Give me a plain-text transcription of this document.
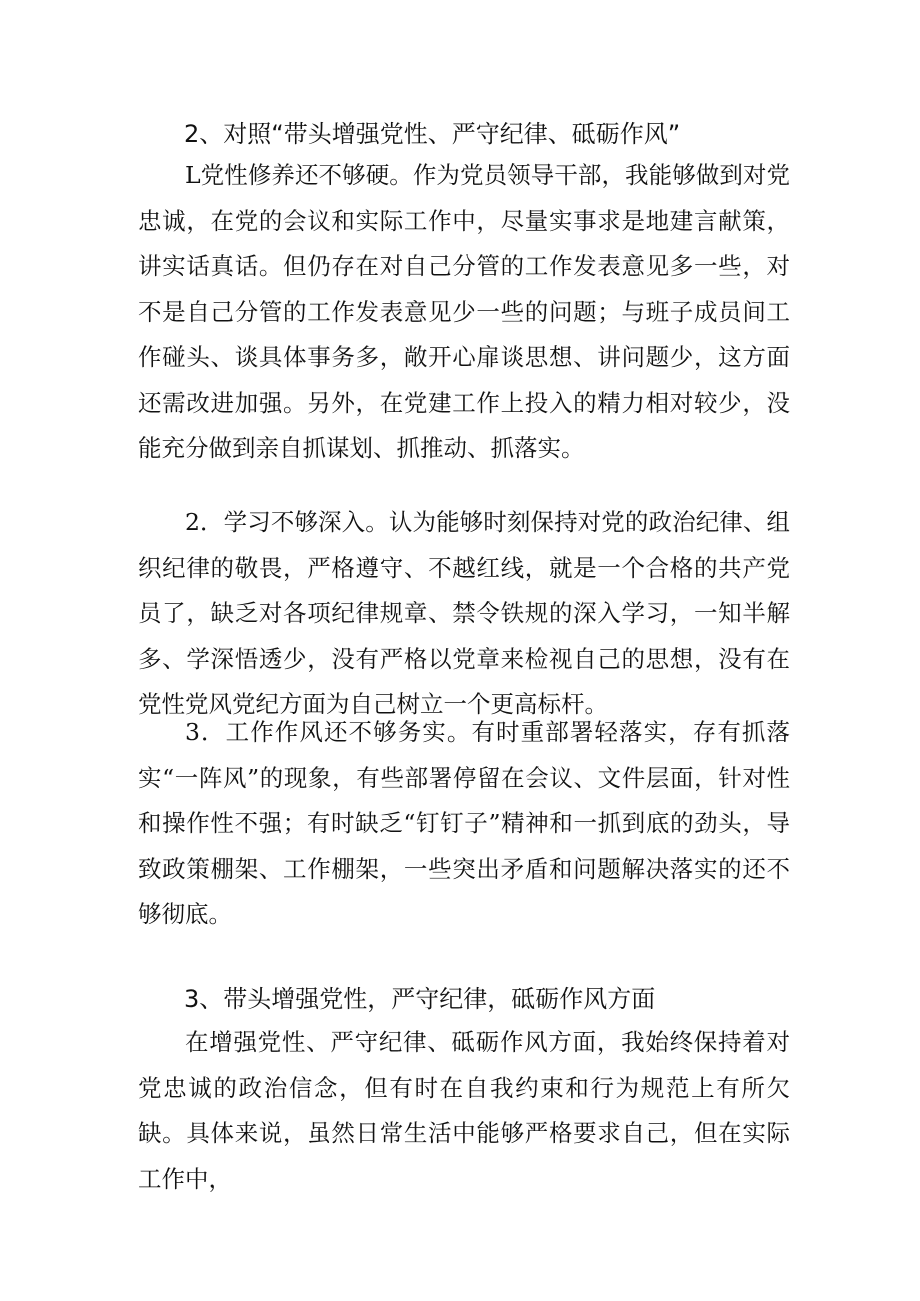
2、对照“带头增强党性、严守纪律、砥砺作风”

L党性修养还不够硬。作为党员领导干部，我能够做到对党忠诚，在党的会议和实际工作中，尽量实事求是地建言献策，讲实话真话。但仍存在对自己分管的工作发表意见多一些，对不是自己分管的工作发表意见少一些的问题；与班子成员间工作碰头、谈具体事务多，敞开心扉谈思想、讲问题少，这方面还需改进加强。另外，在党建工作上投入的精力相对较少，没能充分做到亲自抓谋划、抓推动、抓落实。

2．学习不够深入。认为能够时刻保持对党的政治纪律、组织纪律的敬畏，严格遵守、不越红线，就是一个合格的共产党员了，缺乏对各项纪律规章、禁令铁规的深入学习，一知半解多、学深悟透少，没有严格以党章来检视自己的思想，没有在党性党风党纪方面为自己树立一个更高标杆。

3．工作作风还不够务实。有时重部署轻落实，存有抓落实“一阵风”的现象，有些部署停留在会议、文件层面，针对性和操作性不强；有时缺乏“钉钉子”精神和一抓到底的劲头，导致政策棚架、工作棚架，一些突出矛盾和问题解决落实的还不够彻底。

3、带头增强党性，严守纪律，砥砺作风方面

在增强党性、严守纪律、砥砺作风方面，我始终保持着对党忠诚的政治信念，但有时在自我约束和行为规范上有所欠缺。具体来说，虽然日常生活中能够严格要求自己，但在实际工作中，
